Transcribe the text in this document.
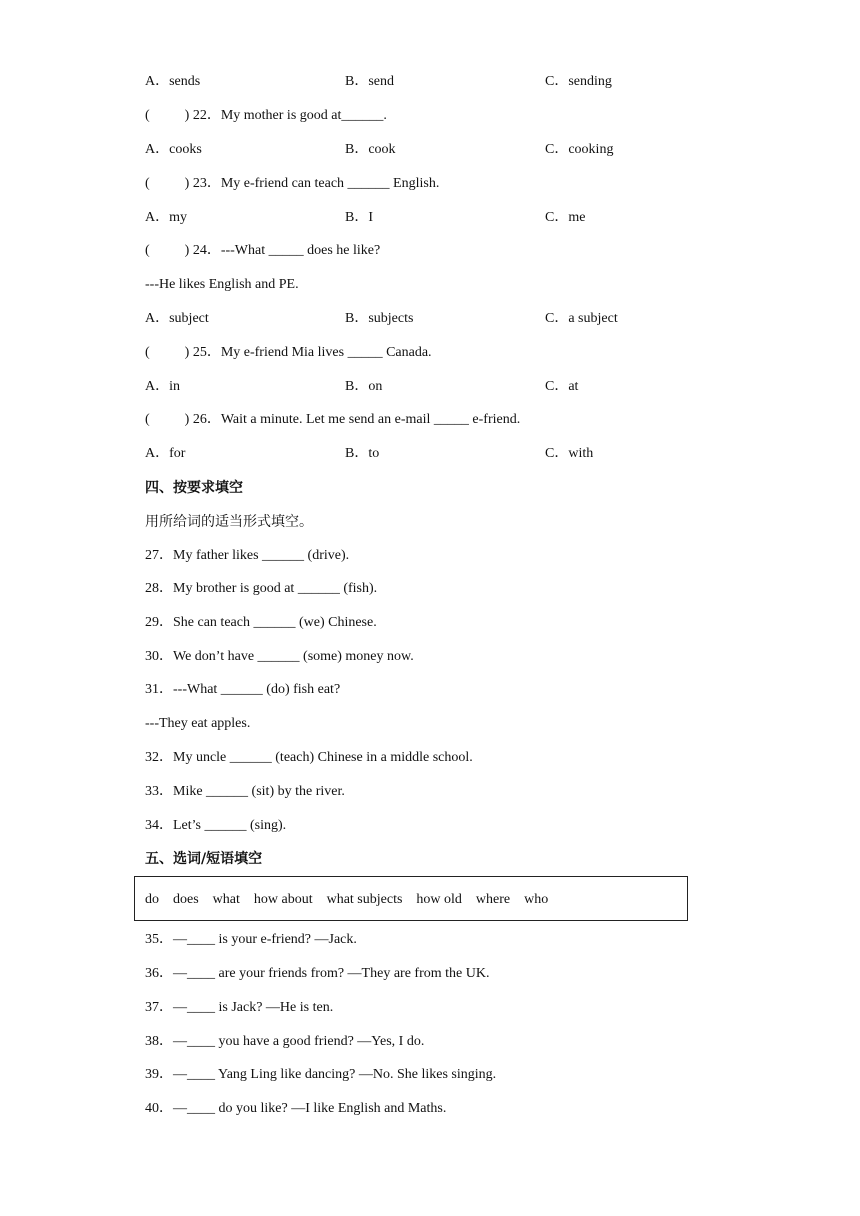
A．sends	B．send	C．sending
(          ) 22．My mother is good at______.
A．cooks	B．cook	C．cooking
(          ) 23．My e-friend can teach ______ English.
A．my	B．I	C．me
(          ) 24．---What _____ does he like?
---He likes English and PE.
A．subject	B．subjects	C．a subject
(          ) 25．My e-friend Mia lives _____ Canada.
A．in	B．on	C．at
(          ) 26．Wait a minute. Let me send an e-mail _____ e-friend.
A．for	B．to	C．with
四、按要求填空
用所给词的适当形式填空。
27．My father likes ______ (drive).
28．My brother is good at ______ (fish).
29．She can teach ______ (we) Chinese.
30．We don’t have ______ (some) money now.
31．---What ______ (do) fish eat?
---They eat apples.
32．My uncle ______ (teach) Chinese in a middle school.
33．Mike ______ (sit) by the river.
34．Let’s ______ (sing).
五、选词/短语填空
do    does    what    how about    what subjects    how old    where    who
35．—____ is your e-friend? —Jack.
36．—____ are your friends from? —They are from the UK.
37．—____ is Jack? —He is ten.
38．—____ you have a good friend? —Yes, I do.
39．—____ Yang Ling like dancing? —No. She likes singing.
40．—____ do you like? —I like English and Maths.
